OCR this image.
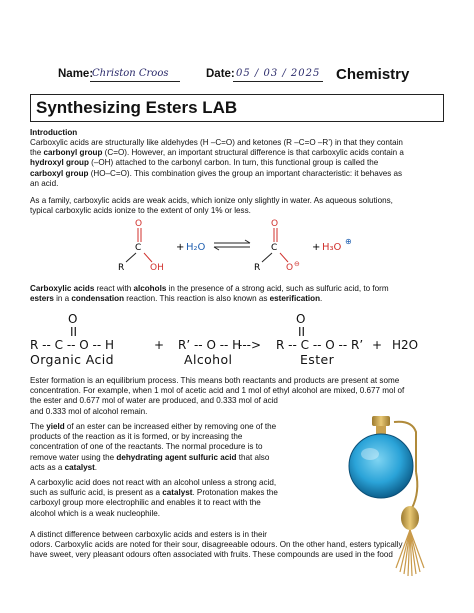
Name:
Christon Croos	Date: 05 / 03 / 2025 Chemistry
Synthesizing Esters LAB
Introduction
Carboxylic acids are structurally like aldehydes (H –C=O) and ketones (R –C=O –R’) in that they contain
the carbonyl group (C=O). However, an important structural difference is that carboxylic acids contain a
hydroxyl group (–OH) attached to the carbonyl carbon. In turn, this functional group is called the
carboxyl group (HO–C=O). This combination gives the group an important characteristic: it behaves as
an acid.
As a family, carboxylic acids are weak acids, which ionize only slightly in water. As aqueous solutions,
typical carboxylic acids ionize to the extent of only 1% or less.
O
C
R	OH
+ H₂O
O
C
R	O ⊖
+ H₃O
⊕
Carboxylic acids react with alcohols in the presence of a strong acid, such as sulfuric acid, to form
esters in a condensation reaction. This reaction is also known as esterification.
O
II
O
II
R -- C -- O -- H	+ R’ -- O -- H
---> R -- C -- O -- R’ + H2O
Organic Acid	Alcohol	Ester
Ester formation is an equilibrium process. This means both reactants and products are present at some
concentration. For example, when 1 mol of acetic acid and 1 mol of ethyl alcohol are mixed, 0.677 mol of
the ester and 0.677 mol of water are produced, and 0.333 mol of acid
and 0.333 mol of alcohol remain.
The yield of an ester can be increased either by removing one of the
products of the reaction as it is formed, or by increasing the
concentration of one of the reactants. The normal procedure is to
remove water using the dehydrating agent sulfuric acid that also
acts as a catalyst.
A carboxylic acid does not react with an alcohol unless a strong acid,
such as sulfuric acid, is present as a catalyst. Protonation makes the
carboxyl group more electrophilic and enables it to react with the
alcohol which is a weak nucleophile.
A distinct difference between carboxylic acids and esters is in their
odors. Carboxylic acids are noted for their sour, disagreeable odours. On the other hand, esters typically
have sweet, very pleasant odours often associated with fruits. These compounds are used in the food
